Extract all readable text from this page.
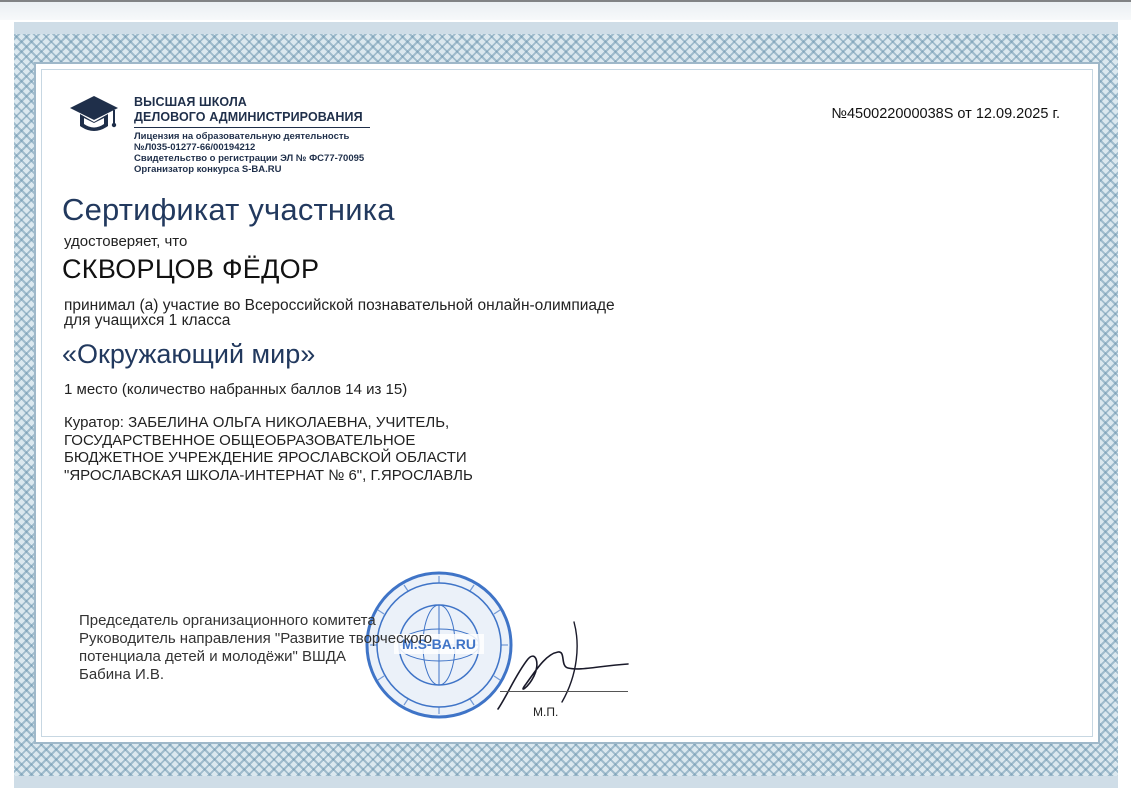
ВЫСШАЯ ШКОЛА
ДЕЛОВОГО АДМИНИСТРИРОВАНИЯ
Лицензия на образовательную деятельность
№Л035-01277-66/00194212
Свидетельство о регистрации ЭЛ № ФС77-70095
Организатор конкурса S-BA.RU
№450022000038S от 12.09.2025 г.
Сертификат участника
удостоверяет, что
СКВОРЦОВ ФЁДОР
принимал (а) участие во Всероссийской познавательной онлайн-олимпиаде
для учащихся 1 класса
«Окружающий мир»
1 место (количество набранных баллов 14 из 15)
Куратор: ЗАБЕЛИНА ОЛЬГА НИКОЛАЕВНА, УЧИТЕЛЬ,
ГОСУДАРСТВЕННОЕ ОБЩЕОБРАЗОВАТЕЛЬНОЕ
БЮДЖЕТНОЕ УЧРЕЖДЕНИЕ ЯРОСЛАВСКОЙ ОБЛАСТИ
"ЯРОСЛАВСКАЯ ШКОЛА-ИНТЕРНАТ № 6", Г.ЯРОСЛАВЛЬ
M.S-BA.RU
Председатель организационного комитета
Руководитель направления "Развитие творческого
потенциала детей и молодёжи" ВШДА
Бабина И.В.
М.П.
